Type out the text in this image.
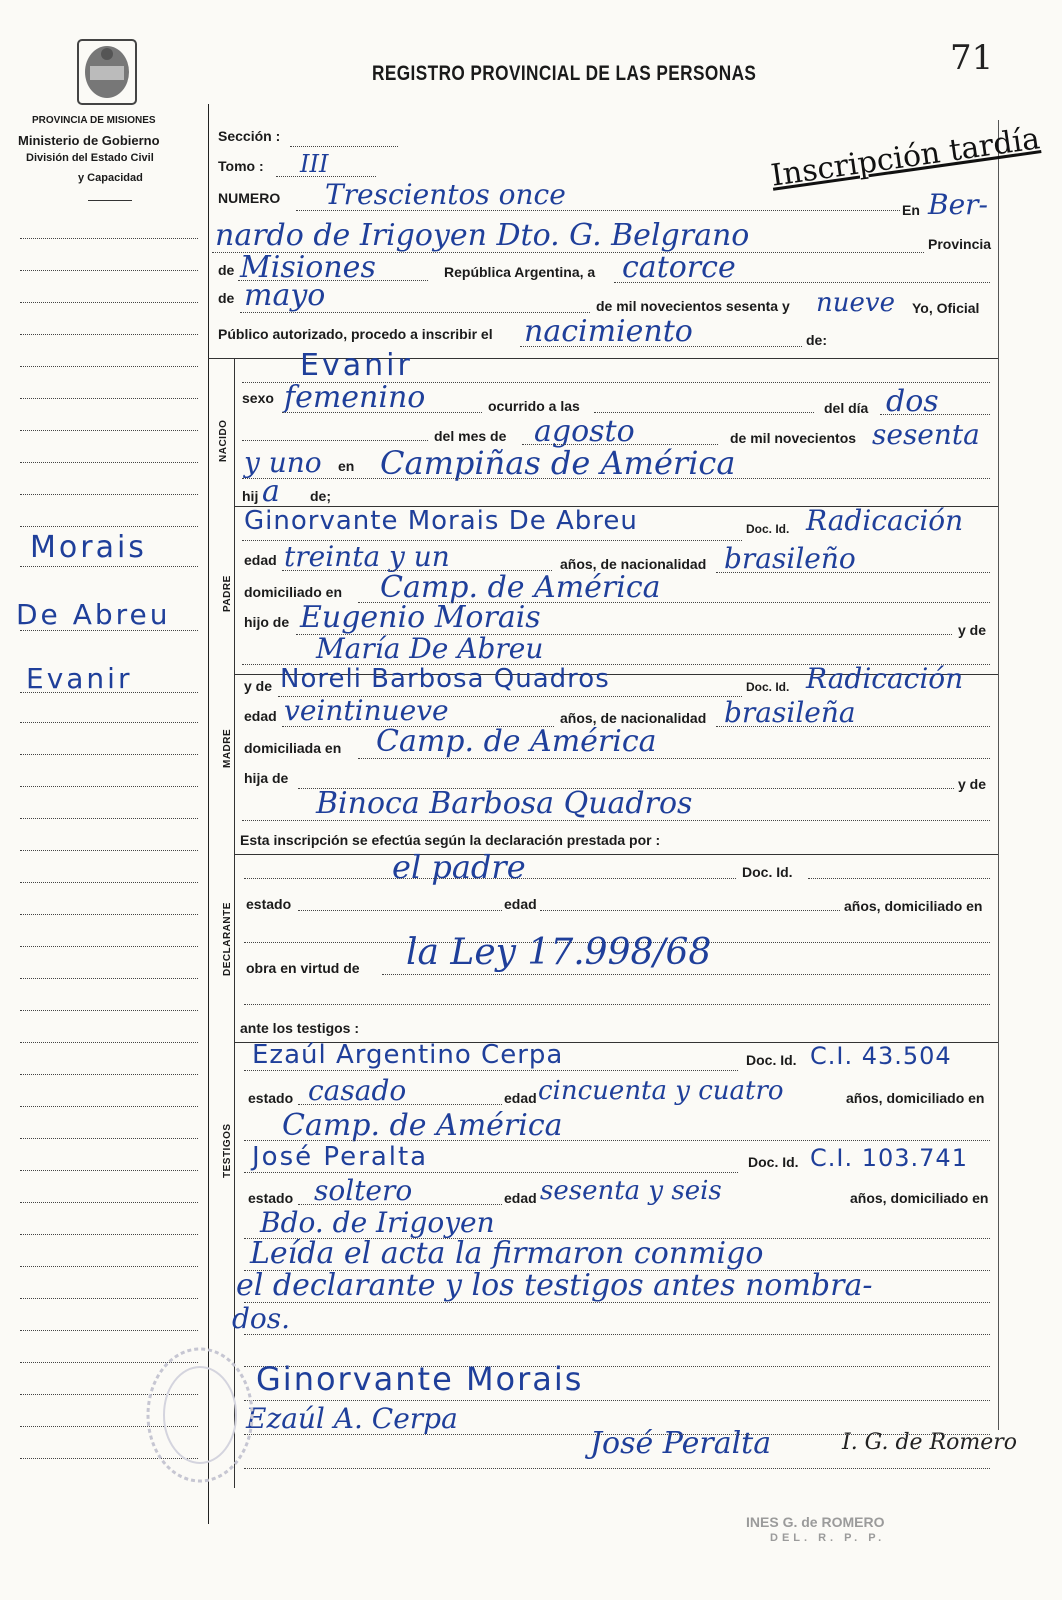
PROVINCIA DE MISIONES
Ministerio de Gobierno
División del Estado Civil
y Capacidad
REGISTRO PROVINCIAL DE LAS PERSONAS	71
Morais
De Abreu
Evanir
Inscripción tardía
Sección :
Tomo : III
NUMERO Trescientos once	En Ber-
nardo de Irigoyen Dto. G. Belgrano	Provincia
de Misiones	República Argentina, a catorce
de mayo	de mil novecientos sesenta y nueve Yo, Oficial
Público autorizado, procedo a inscribir el nacimiento	de:
NACIDO
Evanir
sexo femenino	ocurrido a las	del día dos
del mes de agosto	de mil novecientos sesenta
y uno en Campiñas de América
hij a de;
PADRE
Ginorvante Morais De Abreu	Doc. Id. Radicación
edad treinta y un	años, de nacionalidad brasileño
domiciliado en Camp. de América
hijo de Eugenio Morais	y de
María De Abreu
MADRE
y de Noreli Barbosa Quadros	Doc. Id. Radicación
edad veintinueve	años, de nacionalidad brasileña
domiciliada en Camp. de América
hija de	y de
Binoca Barbosa Quadros
Esta inscripción se efectúa según la declaración prestada por :
DECLARANTE
el padre	Doc. Id.
estado	edad	años, domiciliado en
obra en virtud de la Ley 17.998/68
ante los testigos :
TESTIGOS
Ezaúl Argentino Cerpa	Doc. Id. C.I. 43.504
estado casado	edad cincuenta y cuatro	años, domiciliado en
Camp. de América
José Peralta	Doc. Id. C.I. 103.741
estado soltero	edad sesenta y seis	años, domiciliado en
Bdo. de Irigoyen
Leída el acta la firmaron conmigo
el declarante y los testigos antes nombra-
dos.
Ginorvante Morais
Ezaúl A. Cerpa
José Peralta	I. G. de Romero
INES G. de ROMERO
DEL. R. P. P.
